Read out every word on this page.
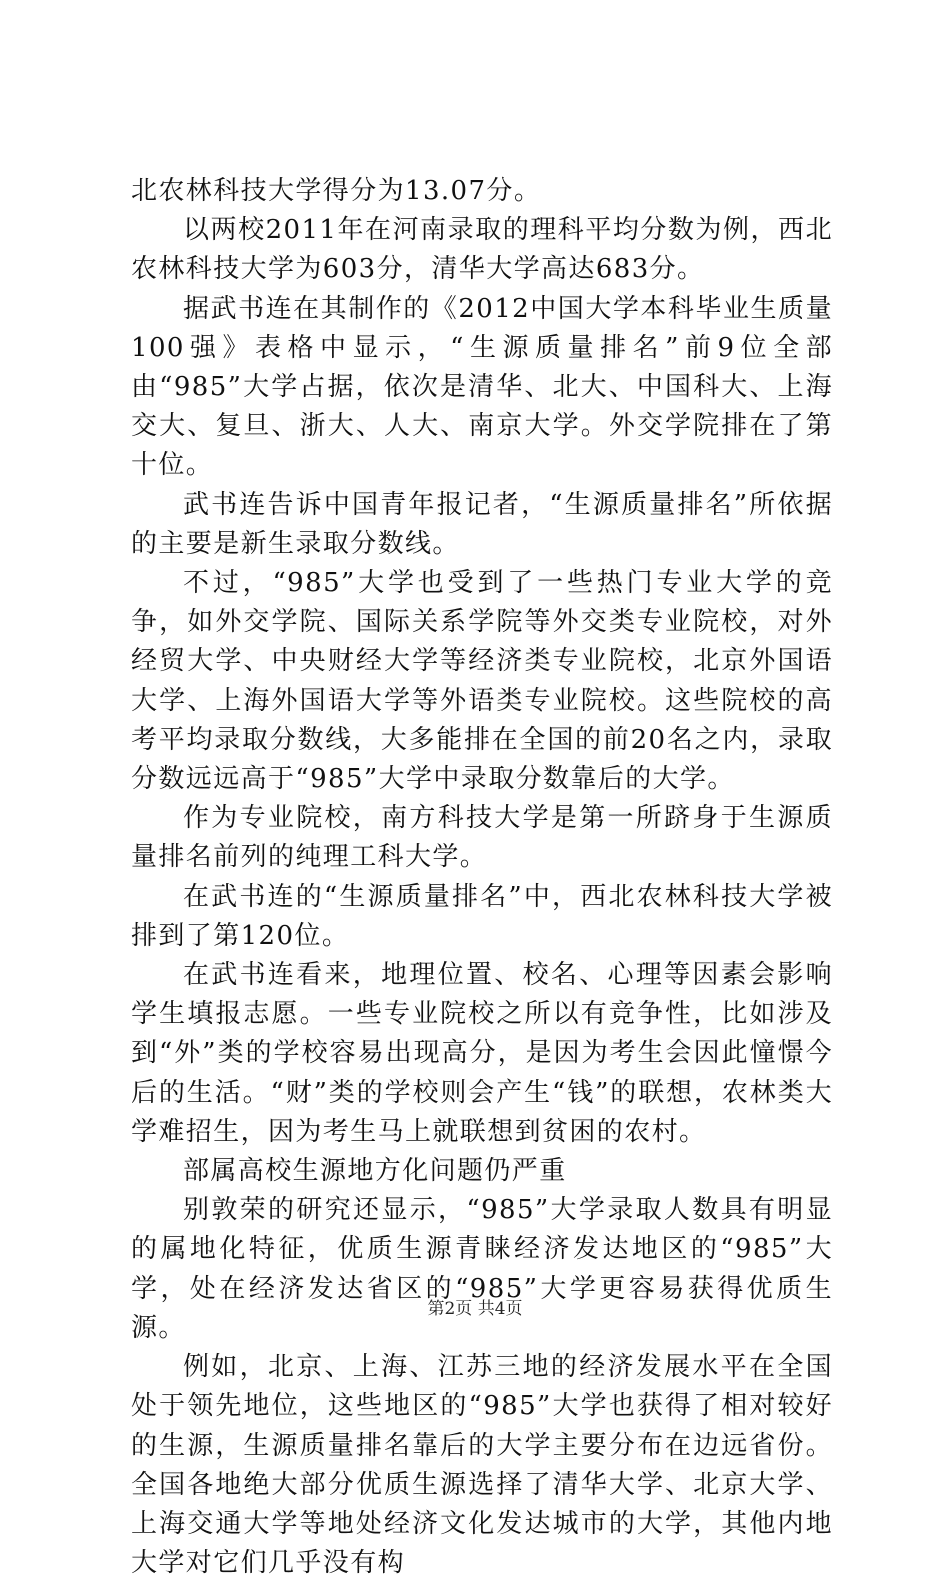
北农林科技大学得分为13.07分。

以两校2011年在河南录取的理科平均分数为例，西北农林科技大学为603分，清华大学高达683分。

据武书连在其制作的《2012中国大学本科毕业生质量100强》表格中显示，“生源质量排名”前9位全部由“985”大学占据，依次是清华、北大、中国科大、上海交大、复旦、浙大、人大、南京大学。外交学院排在了第十位。

武书连告诉中国青年报记者，“生源质量排名”所依据的主要是新生录取分数线。

不过，“985”大学也受到了一些热门专业大学的竞争，如外交学院、国际关系学院等外交类专业院校，对外经贸大学、中央财经大学等经济类专业院校，北京外国语大学、上海外国语大学等外语类专业院校。这些院校的高考平均录取分数线，大多能排在全国的前20名之内，录取分数远远高于“985”大学中录取分数靠后的大学。

作为专业院校，南方科技大学是第一所跻身于生源质量排名前列的纯理工科大学。

在武书连的“生源质量排名”中，西北农林科技大学被排到了第120位。

在武书连看来，地理位置、校名、心理等因素会影响学生填报志愿。一些专业院校之所以有竞争性，比如涉及到“外”类的学校容易出现高分，是因为考生会因此憧憬今后的生活。“财”类的学校则会产生“钱”的联想，农林类大学难招生，因为考生马上就联想到贫困的农村。

部属高校生源地方化问题仍严重

别敦荣的研究还显示，“985”大学录取人数具有明显的属地化特征，优质生源青睐经济发达地区的“985”大学，处在经济发达省区的“985”大学更容易获得优质生源。

例如，北京、上海、江苏三地的经济发展水平在全国处于领先地位，这些地区的“985”大学也获得了相对较好的生源，生源质量排名靠后的大学主要分布在边远省份。全国各地绝大部分优质生源选择了清华大学、北京大学、上海交通大学等地处经济文化发达城市的大学，其他内地大学对它们几乎没有构

第2页 共4页
